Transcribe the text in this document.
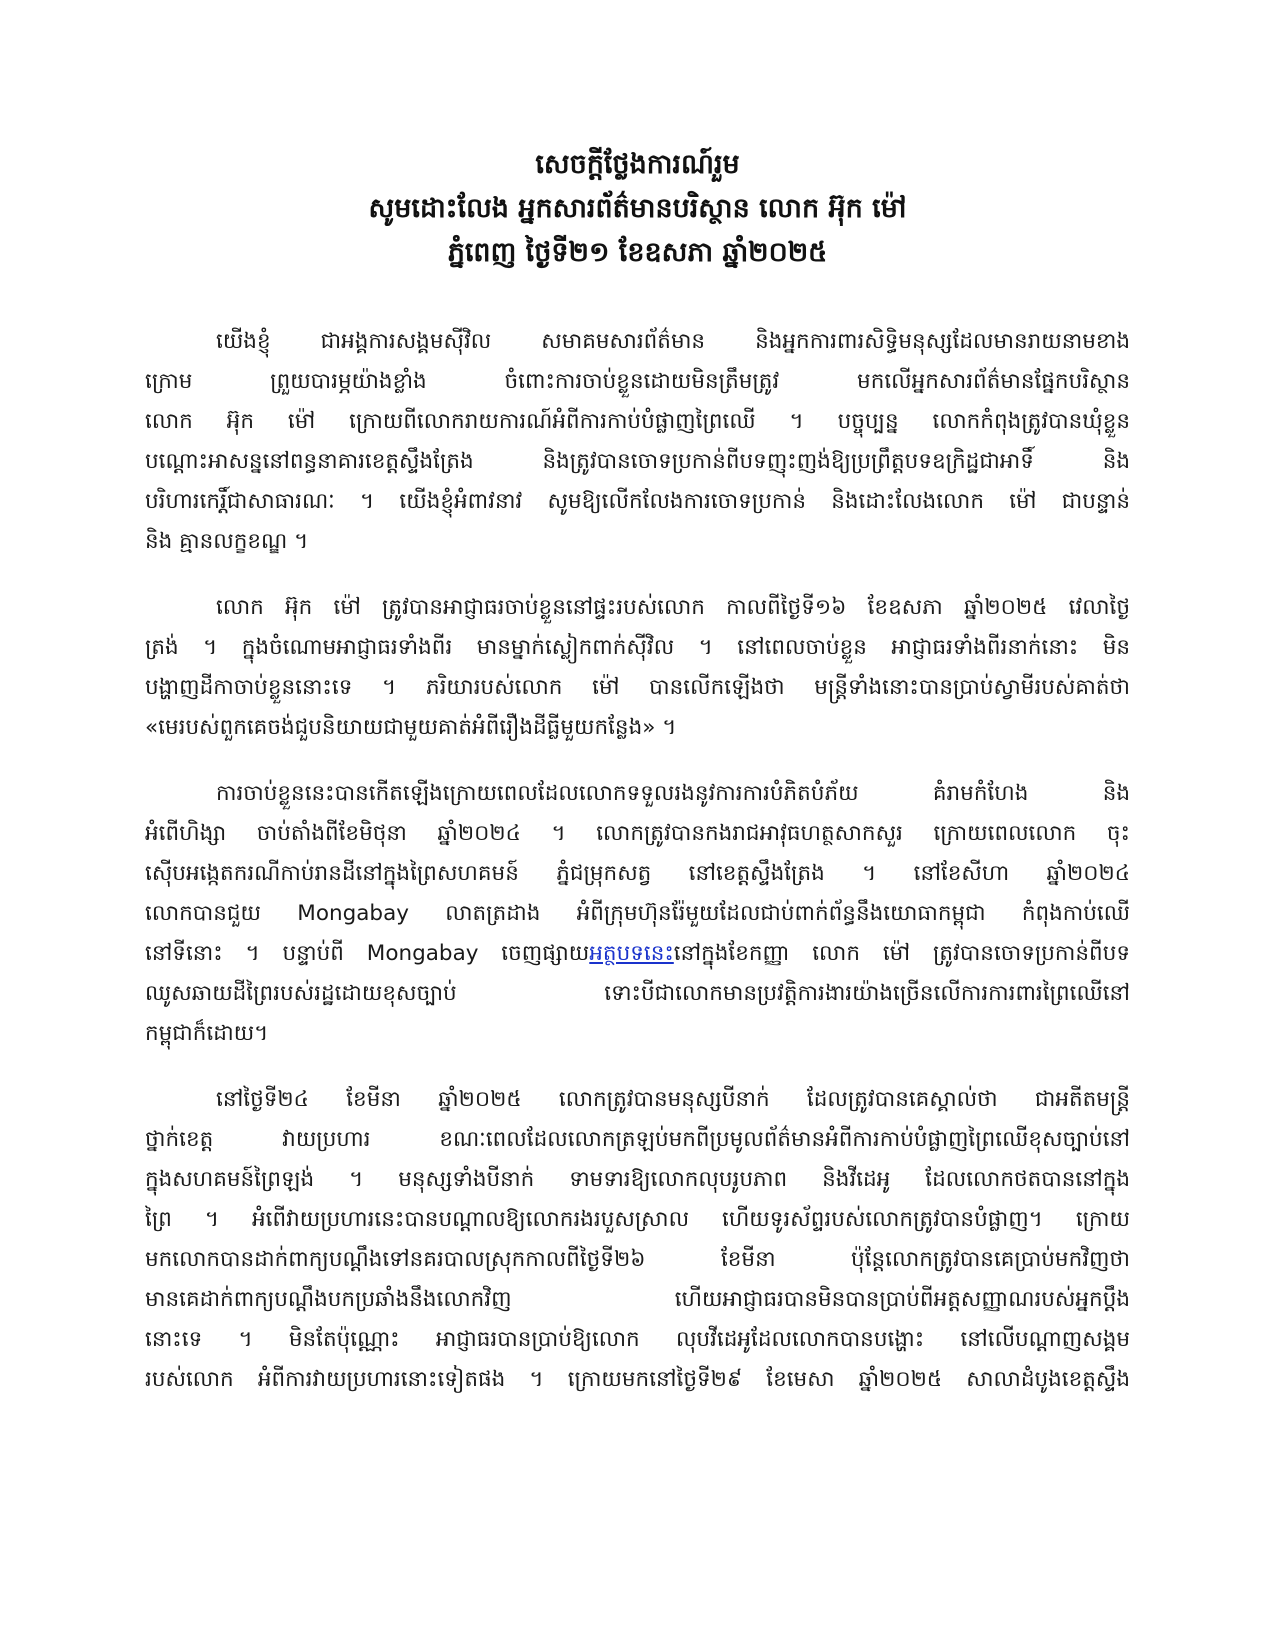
សេចក្តីថ្លែងការណ៍រួម
សូមដោះលែង អ្នកសារព័ត៌មានបរិស្ថាន លោក អ៊ុក ម៉ៅ
ភ្នំពេញ ថ្ងៃទី២១ ខែឧសភា ឆ្នាំ២០២៥
យើងខ្ញុំ ជាអង្គការសង្គមស៊ីវិល សមាគមសារព័ត៌មាន និងអ្នកការពារសិទ្ធិមនុស្សដែលមានរាយនាមខាង
ក្រោម ព្រួយបារម្ភយ៉ាងខ្លាំង ចំពោះការចាប់ខ្លួនដោយមិនត្រឹមត្រូវ មកលើអ្នកសារព័ត៌មានផ្នែកបរិស្ថាន
លោក អ៊ុក ម៉ៅ ក្រោយពីលោករាយការណ៍អំពីការកាប់បំផ្លាញព្រៃឈើ ។ បច្ចុប្បន្ន លោកកំពុងត្រូវបានឃុំខ្លួន
បណ្តោះអាសន្ននៅពន្ធនាគារខេត្តស្ទឹងត្រែង និងត្រូវបានចោទប្រកាន់ពីបទញុះញង់ឱ្យប្រព្រឹត្តបទឧក្រិដ្ឋជាអាទិ៍ និង
បរិហារកេរ្តិ៍ជាសាធារណៈ ។ យើងខ្ញុំអំពាវនាវ សូមឱ្យលើកលែងការចោទប្រកាន់ និងដោះលែងលោក ម៉ៅ ជាបន្ទាន់
និង គ្មានលក្ខខណ្ឌ ។
លោក អ៊ុក ម៉ៅ ត្រូវបានអាជ្ញាធរចាប់ខ្លួននៅផ្ទះរបស់លោក កាលពីថ្ងៃទី១៦ ខែឧសភា ឆ្នាំ២០២៥ វេលាថ្ងៃ
ត្រង់ ។ ក្នុងចំណោមអាជ្ញាធរទាំងពីរ មានម្នាក់ស្លៀកពាក់ស៊ីវិល ។ នៅពេលចាប់ខ្លួន អាជ្ញាធរទាំងពីរនាក់នោះ មិន
បង្ហាញដីកាចាប់ខ្លួននោះទេ ។ ភរិយារបស់លោក ម៉ៅ បានលើកឡើងថា មន្ត្រីទាំងនោះបានប្រាប់ស្វាមីរបស់គាត់ថា
«មេរបស់ពួកគេចង់ជួបនិយាយជាមួយគាត់អំពីរឿងដីធ្លីមួយកន្លែង» ។
ការចាប់ខ្លួននេះបានកើតឡើងក្រោយពេលដែលលោកទទួលរងនូវការការបំភិតបំភ័យ គំរាមកំហែង និង
អំពើហិង្សា ចាប់តាំងពីខែមិថុនា ឆ្នាំ២០២៤ ។ លោកត្រូវបានកងរាជអាវុធហត្ថសាកសួរ ក្រោយពេលលោក ចុះ
ស៊ើបអង្កេតករណីកាប់រានដីនៅក្នុងព្រៃសហគមន៍ ភ្នំជម្រុកសត្វ នៅខេត្តស្ទឹងត្រែង ។ នៅខែសីហា ឆ្នាំ២០២៤
លោកបានជួយ Mongabay លាតត្រដាង អំពីក្រុមហ៊ុនរ៉ែមួយដែលជាប់ពាក់ព័ន្ធនឹងយោធាកម្ពុជា កំពុងកាប់ឈើ
នៅទីនោះ ។ បន្ទាប់ពី Mongabay ចេញផ្សាយអត្ថបទនេះនៅក្នុងខែកញ្ញា លោក ម៉ៅ ត្រូវបានចោទប្រកាន់ពីបទ
ឈូសឆាយដីព្រៃរបស់រដ្ឋដោយខុសច្បាប់ ទោះបីជាលោកមានប្រវត្តិការងារយ៉ាងច្រើនលើការការពារព្រៃឈើនៅ
កម្ពុជាក៏ដោយ។
នៅថ្ងៃទី២៤ ខែមីនា ឆ្នាំ២០២៥ លោកត្រូវបានមនុស្សបីនាក់ ដែលត្រូវបានគេស្គាល់ថា ជាអតីតមន្ត្រី
ថ្នាក់ខេត្ត វាយប្រហារ ខណៈពេលដែលលោកត្រឡប់មកពីប្រមូលព័ត៌មានអំពីការកាប់បំផ្លាញព្រៃឈើខុសច្បាប់នៅ
ក្នុងសហគមន៍ព្រៃឡង់ ។ មនុស្សទាំងបីនាក់ ទាមទារឱ្យលោកលុបរូបភាព និងវីដេអូ ដែលលោកថតបាននៅក្នុង
ព្រៃ ។ អំពើវាយប្រហារនេះបានបណ្តាលឱ្យលោករងរបួសស្រាល ហើយទូរស័ព្ទរបស់លោកត្រូវបានបំផ្លាញ។ ក្រោយ
មកលោកបានដាក់ពាក្យបណ្តឹងទៅនគរបាលស្រុកកាលពីថ្ងៃទី២៦ ខែមីនា ប៉ុន្តែលោកត្រូវបានគេប្រាប់មកវិញថា
មានគេដាក់ពាក្យបណ្តឹងបកប្រឆាំងនឹងលោកវិញ ហើយអាជ្ញាធរបានមិនបានប្រាប់ពីអត្តសញ្ញាណរបស់អ្នកប្តឹង
នោះទេ ។ មិនតែប៉ុណ្ណោះ អាជ្ញាធរបានប្រាប់ឱ្យលោក លុបវីដេអូដែលលោកបានបង្ហោះ នៅលើបណ្តាញសង្គម
របស់លោក អំពីការវាយប្រហារនោះទៀតផង ។ ក្រោយមកនៅថ្ងៃទី២៩ ខែមេសា ឆ្នាំ២០២៥ សាលាដំបូងខេត្តស្ទឹង
